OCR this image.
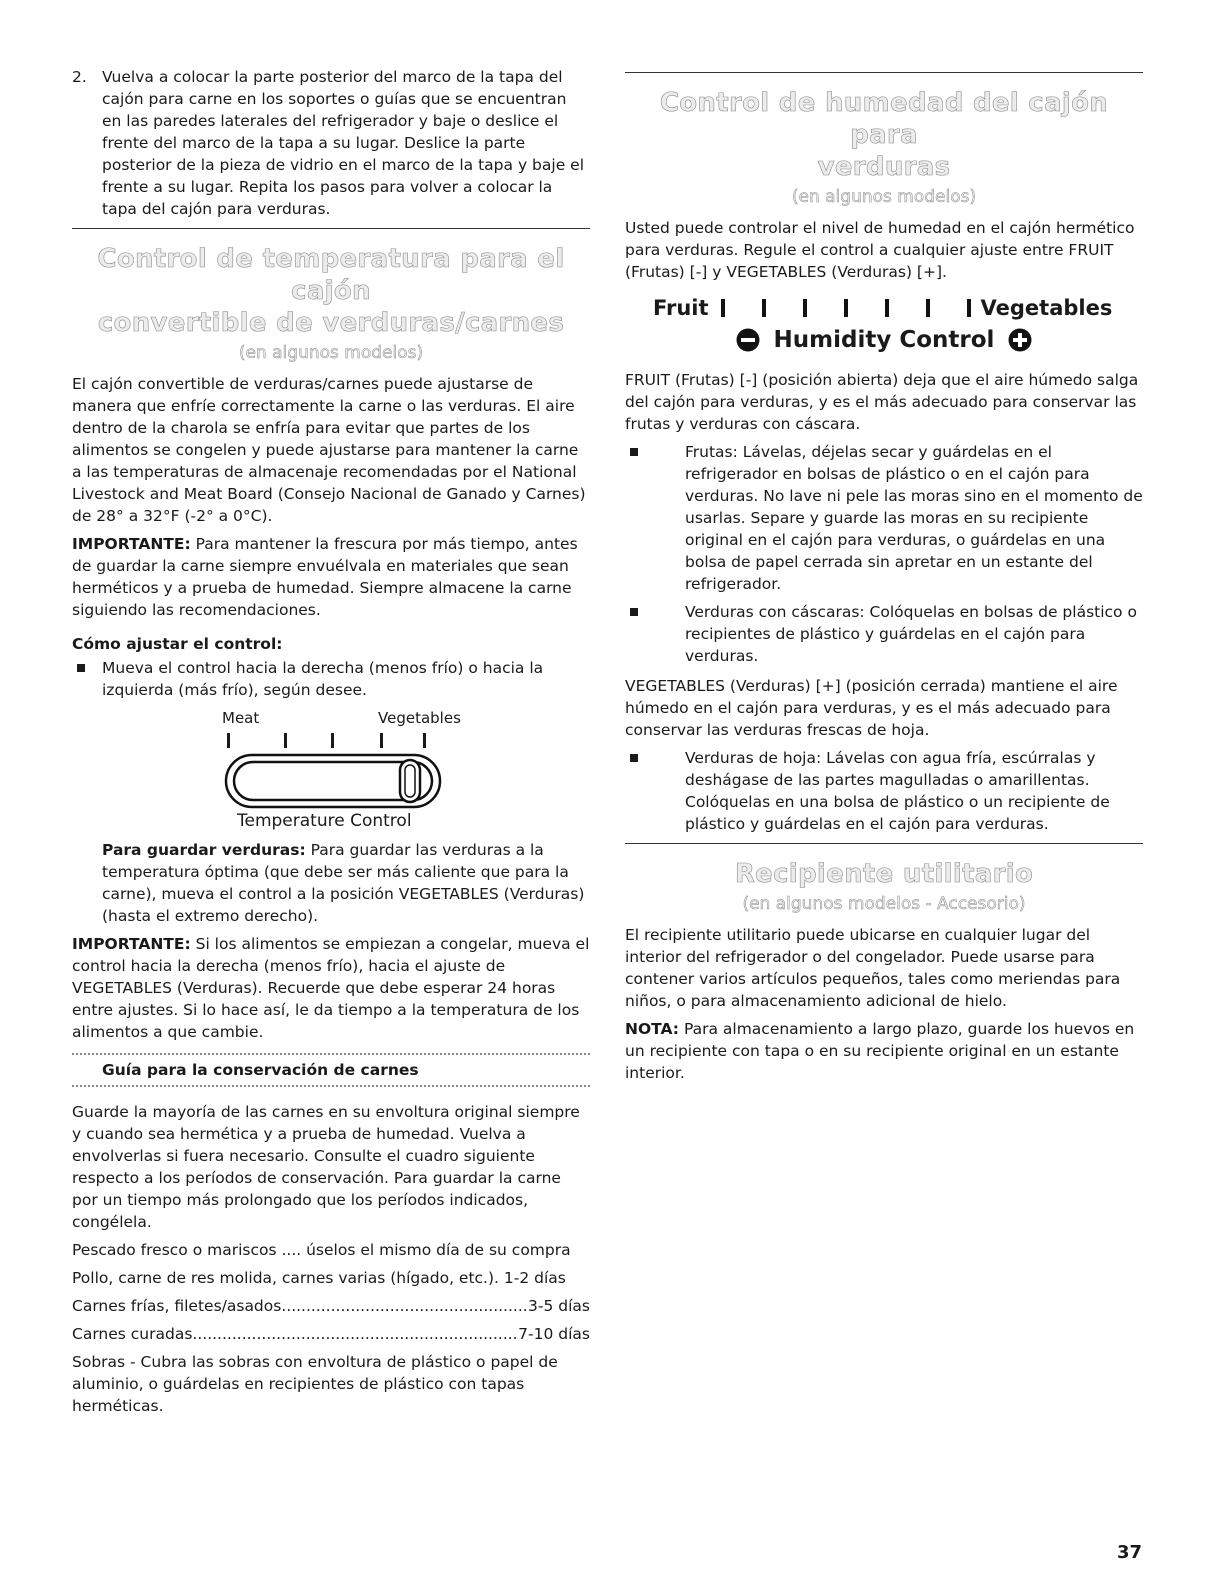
2. Vuelva a colocar la parte posterior del marco de la tapa del cajón para carne en los soportes o guías que se encuentran en las paredes laterales del refrigerador y baje o deslice el frente del marco de la tapa a su lugar. Deslice la parte posterior de la pieza de vidrio en el marco de la tapa y baje el frente a su lugar. Repita los pasos para volver a colocar la tapa del cajón para verduras.
Control de temperatura para el cajón
convertible de verduras/carnes
(en algunos modelos)

El cajón convertible de verduras/carnes puede ajustarse de manera que enfríe correctamente la carne o las verduras. El aire dentro de la charola se enfría para evitar que partes de los alimentos se congelen y puede ajustarse para mantener la carne a las temperaturas de almacenaje recomendadas por el National Livestock and Meat Board (Consejo Nacional de Ganado y Carnes) de 28° a 32°F (-2° a 0°C).

IMPORTANTE: Para mantener la frescura por más tiempo, antes de guardar la carne siempre envuélvala en materiales que sean herméticos y a prueba de humedad. Siempre almacene la carne siguiendo las recomendaciones.

Cómo ajustar el control:
Mueva el control hacia la derecha (menos frío) o hacia la izquierda (más frío), según desee.
Meat	Vegetables
Temperature Control

Para guardar verduras: Para guardar las verduras a la temperatura óptima (que debe ser más caliente que para la carne), mueva el control a la posición VEGETABLES (Verduras) (hasta el extremo derecho).

IMPORTANTE: Si los alimentos se empiezan a congelar, mueva el control hacia la derecha (menos frío), hacia el ajuste de VEGETABLES (Verduras). Recuerde que debe esperar 24 horas entre ajustes. Si lo hace así, le da tiempo a la temperatura de los alimentos a que cambie.

Guía para la conservación de carnes

Guarde la mayoría de las carnes en su envoltura original siempre y cuando sea hermética y a prueba de humedad. Vuelva a envolverlas si fuera necesario. Consulte el cuadro siguiente respecto a los períodos de conservación. Para guardar la carne por un tiempo más prolongado que los períodos indicados, congélela.

Pescado fresco o mariscos .... úselos el mismo día de su compra

Pollo, carne de res molida, carnes varias (hígado, etc.). 1-2 días

Carnes frías, filetes/asados .....	3-5 días
Carnes curadas .....	7-10 días

Sobras - Cubra las sobras con envoltura de plástico o papel de aluminio, o guárdelas en recipientes de plástico con tapas herméticas.

Control de humedad del cajón para
verduras
(en algunos modelos)

Usted puede controlar el nivel de humedad en el cajón hermético para verduras. Regule el control a cualquier ajuste entre FRUIT (Frutas) [-] y VEGETABLES (Verduras) [+].

Fruit	Vegetables
Humidity Control

FRUIT (Frutas) [-] (posición abierta) deja que el aire húmedo salga del cajón para verduras, y es el más adecuado para conservar las frutas y verduras con cáscara.

Frutas: Lávelas, déjelas secar y guárdelas en el refrigerador en bolsas de plástico o en el cajón para verduras. No lave ni pele las moras sino en el momento de usarlas. Separe y guarde las moras en su recipiente original en el cajón para verduras, o guárdelas en una bolsa de papel cerrada sin apretar en un estante del refrigerador.
Verduras con cáscaras: Colóquelas en bolsas de plástico o recipientes de plástico y guárdelas en el cajón para verduras.

VEGETABLES (Verduras) [+] (posición cerrada) mantiene el aire húmedo en el cajón para verduras, y es el más adecuado para conservar las verduras frescas de hoja.

Verduras de hoja: Lávelas con agua fría, escúrralas y deshágase de las partes magulladas o amarillentas. Colóquelas en una bolsa de plástico o un recipiente de plástico y guárdelas en el cajón para verduras.
Recipiente utilitario
(en algunos modelos - Accesorio)

El recipiente utilitario puede ubicarse en cualquier lugar del interior del refrigerador o del congelador. Puede usarse para contener varios artículos pequeños, tales como meriendas para niños, o para almacenamiento adicional de hielo.

NOTA: Para almacenamiento a largo plazo, guarde los huevos en un recipiente con tapa o en su recipiente original en un estante interior.

37
